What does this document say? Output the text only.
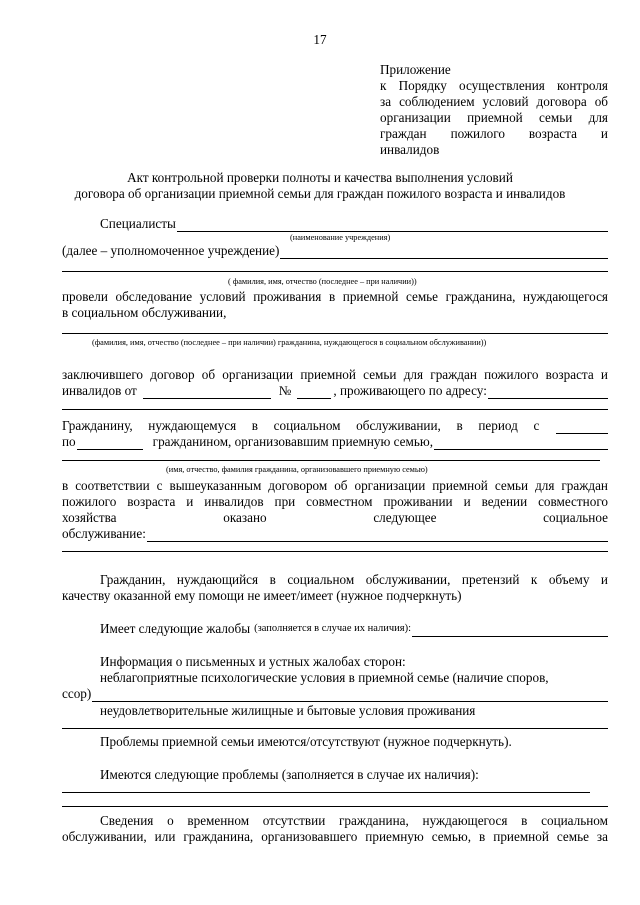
17
Приложение
к Порядку осуществления контроля
за соблюдением условий договора об
организации приемной семьи для
граждан пожилого возраста и
инвалидов
Акт контрольной проверки полноты и качества выполнения условий
договора об организации приемной семьи для граждан пожилого возраста и инвалидов
Специалисты
(наименование учреждения)
(далее – уполномоченное учреждение)
( фамилия, имя, отчество (последнее – при наличии))
провели обследование условий проживания в приемной семье гражданина, нуждающегося
в социальном обслуживании,
(фамилия, имя, отчество (последнее – при наличии) гражданина, нуждающегося в социальном обслуживании))
заключившего договор об организации приемной семьи для граждан пожилого возраста и
инвалидов от	№	, проживающего по адресу:
Гражданину, нуждающемуся в социальном обслуживании, в период с
по	гражданином, организовавшим приемную семью,
(имя, отчество, фамилия гражданина, организовавшего приемную семью)
в соответствии с вышеуказанным договором об организации приемной семьи для граждан
пожилого возраста и инвалидов при совместном проживании и ведении совместного
хозяйства	оказано	следующее	социальное
обслуживание:
Гражданин, нуждающийся в социальном обслуживании, претензий к объему и
качеству оказанной ему помощи не имеет/имеет (нужное подчеркнуть)
Имеет следующие жалобы (заполняется в случае их наличия):
Информация о письменных и устных жалобах сторон:
неблагоприятные психологические условия в приемной семье (наличие споров,
ссор)
неудовлетворительные жилищные и бытовые условия проживания
Проблемы приемной семьи имеются/отсутствуют (нужное подчеркнуть).
Имеются следующие проблемы (заполняется в случае их наличия):
Сведения о временном отсутствии гражданина, нуждающегося в социальном
обслуживании, или гражданина, организовавшего приемную семью, в приемной семье за
